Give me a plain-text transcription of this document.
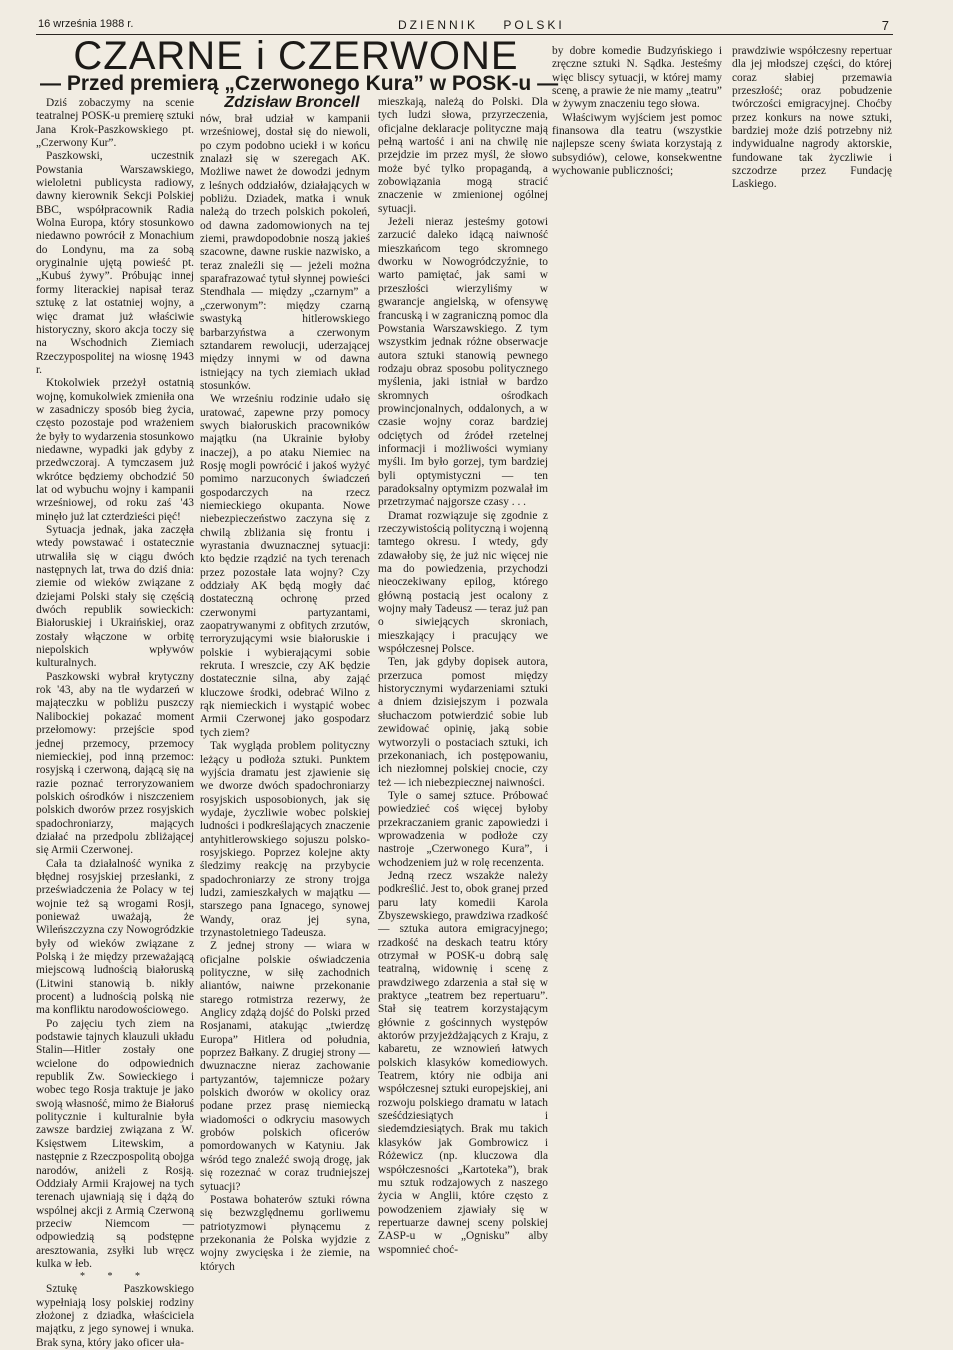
16 września 1988 r.	DZIENNIK    POLSKI	7
CZARNE i CZERWONE
— Przed premierą „Czerwonego Kura” w POSK-u —
Zdzisław Broncell

Dziś zobaczymy na scenie teatralnej POSK-u premierę sztuki Jana Krok-Paszkowskiego pt. „Czerwony Kur”.

Paszkowski, uczestnik Powstania Warszawskiego, wieloletni publicysta radiowy, dawny kierownik Sekcji Polskiej BBC, współpracownik Radia Wolna Europa, który stosunkowo niedawno powrócił z Monachium do Londynu, ma za sobą oryginalnie ujętą powieść pt. „Kubuś żywy”. Próbując innej formy literackiej napisał teraz sztukę z lat ostatniej wojny, a więc dramat już właściwie historyczny, skoro akcja toczy się na Wschodnich Ziemiach Rzeczypospolitej na wiosnę 1943 r.

Ktokolwiek przeżył ostatnią wojnę, komukolwiek zmieniła ona w zasadniczy sposób bieg życia, często pozostaje pod wrażeniem że były to wydarzenia stosunkowo niedawne, wypadki jak gdyby z przedwczoraj. A tymczasem już wkrótce będziemy obchodzić 50 lat od wybuchu wojny i kampanii wrześniowej, od roku zaś '43 minęło już lat czterdzieści pięć!

Sytuacja jednak, jaka zaczęła wtedy powstawać i ostatecznie utrwaliła się w ciągu dwóch następnych lat, trwa do dziś dnia: ziemie od wieków związane z dziejami Polski stały się częścią dwóch republik sowieckich: Białoruskiej i Ukraińskiej, oraz zostały włączone w orbitę niepolskich wpływów kulturalnych.

Paszkowski wybrał krytyczny rok '43, aby na tle wydarzeń w mająteczku w pobliżu puszczy Nalibockiej pokazać moment przełomowy: przejście spod jednej przemocy, przemocy niemieckiej, pod inną przemoc: rosyjską i czerwoną, dającą się na razie poznać terroryzowaniem polskich ośrodków i niszczeniem polskich dworów przez rosyjskich spadochroniarzy, mających działać na przedpolu zbliżającej się Armii Czerwonej.

Cała ta działalność wynika z błędnej rosyjskiej przesłanki, z przeświadczenia że Polacy w tej wojnie też są wrogami Rosji, ponieważ uważają, że Wileńszczyzna czy Nowogródzkie były od wieków związane z Polską i że między przeważającą miejscową ludnością białoruską (Litwini stanowią b. nikły procent) a ludnością polską nie ma konfliktu narodowościowego.

Po zajęciu tych ziem na podstawie tajnych klauzuli układu Stalin—Hitler zostały one wcielone do odpowiednich republik Zw. Sowieckiego i wobec tego Rosja traktuje je jako swoją własność, mimo że Białoruś politycznie i kulturalnie była zawsze bardziej związana z W. Księstwem Litewskim, a następnie z Rzeczpospolitą obojga narodów, aniżeli z Rosją. Oddziały Armii Krajowej na tych terenach ujawniają się i dążą do wspólnej akcji z Armią Czerwoną przeciw Niemcom — odpowiedzią są podstępne aresztowania, zsyłki lub wręcz kulka w łeb.

* * *

Sztukę Paszkowskiego wypełniają losy polskiej rodziny złożonej z dziadka, właściciela majątku, z jego synowej i wnuka. Brak syna, który jako oficer uła-

nów, brał udział w kampanii wrześniowej, dostał się do niewoli, po czym podobno uciekł i w końcu znalazł się w szeregach AK. Możliwe nawet że dowodzi jednym z leśnych oddziałów, działających w pobliżu. Dziadek, matka i wnuk należą do trzech polskich pokoleń, od dawna zadomowionych na tej ziemi, prawdopodobnie noszą jakieś szacowne, dawne ruskie nazwisko, a teraz znaleźli się — jeżeli można sparafrazować tytuł słynnej powieści Stendhala — między „czarnym” a „czerwonym”: między czarną swastyką hitlerowskiego barbarzyństwa a czerwonym sztandarem rewolucji, uderzającej między innymi w od dawna istniejący na tych ziemiach układ stosunków.

We wrześniu rodzinie udało się uratować, zapewne przy pomocy swych białoruskich pracowników majątku (na Ukrainie byłoby inaczej), a po ataku Niemiec na Rosję mogli powrócić i jakoś wyżyć pomimo narzuconych świadczeń gospodarczych na rzecz niemieckiego okupanta. Nowe niebezpieczeństwo zaczyna się z chwilą zbliżania się frontu i wyrastania dwuznacznej sytuacji: kto będzie rządzić na tych terenach przez pozostałe lata wojny? Czy oddziały AK będą mogły dać dostateczną ochronę przed czerwonymi partyzantami, zaopatrywanymi z obfitych zrzutów, terroryzującymi wsie białoruskie i polskie i wybierającymi sobie rekruta. I wreszcie, czy AK będzie dostatecznie silna, aby zająć kluczowe środki, odebrać Wilno z rąk niemieckich i wystąpić wobec Armii Czerwonej jako gospodarz tych ziem?

Tak wygląda problem polityczny leżący u podłoża sztuki. Punktem wyjścia dramatu jest zjawienie się we dworze dwóch spadochroniarzy rosyjskich usposobionych, jak się wydaje, życzliwie wobec polskiej ludności i podkreślających znaczenie antyhitlerowskiego sojuszu polsko-rosyjskiego. Poprzez kolejne akty śledzimy reakcję na przybycie spadochroniarzy ze strony trojga ludzi, zamieszkałych w majątku — starszego pana Ignacego, synowej Wandy, oraz jej syna, trzynastoletniego Tadeusza.

Z jednej strony — wiara w oficjalne polskie oświadczenia polityczne, w siłę zachodnich aliantów, naiwne przekonanie starego rotmistrza rezerwy, że Anglicy zdążą dojść do Polski przed Rosjanami, atakując „twierdzę Europa” Hitlera od południa, poprzez Bałkany. Z drugiej strony — dwuznaczne nieraz zachowanie partyzantów, tajemnicze pożary polskich dworów w okolicy oraz podane przez prasę niemiecką wiadomości o odkryciu masowych grobów polskich oficerów pomordowanych w Katyniu. Jak wśród tego znaleźć swoją drogę, jak się rozeznać w coraz trudniejszej sytuacji?

Postawa bohaterów sztuki równa się bezwzględnemu gorliwemu patriotyzmowi płynącemu z przekonania że Polska wyjdzie z wojny zwycięska i że ziemie, na których

mieszkają, należą do Polski. Dla tych ludzi słowa, przyrzeczenia, oficjalne deklaracje polityczne mają pełną wartość i ani na chwilę nie przejdzie im przez myśl, że słowo może być tylko propagandą, a zobowiązania mogą stracić znaczenie w zmienionej ogólnej sytuacji.

Jeżeli nieraz jesteśmy gotowi zarzucić daleko idącą naiwność mieszkańcom tego skromnego dworku w Nowogródczyźnie, to warto pamiętać, jak sami w przeszłości wierzyliśmy w gwarancje angielską, w ofensywę francuską i w zagraniczną pomoc dla Powstania Warszawskiego. Z tym wszystkim jednak różne obserwacje autora sztuki stanowią pewnego rodzaju obraz sposobu politycznego myślenia, jaki istniał w bardzo skromnych ośrodkach prowincjonalnych, oddalonych, a w czasie wojny coraz bardziej odciętych od źródeł rzetelnej informacji i możliwości wymiany myśli. Im było gorzej, tym bardziej byli optymistyczni — ten paradoksalny optymizm pozwalał im przetrzymać najgorsze czasy . . .

Dramat rozwiązuje się zgodnie z rzeczywistością polityczną i wojenną tamtego okresu. I wtedy, gdy zdawałoby się, że już nic więcej nie ma do powiedzenia, przychodzi nieoczekiwany epilog, którego główną postacią jest ocalony z wojny mały Tadeusz — teraz już pan o siwiejących skroniach, mieszkający i pracujący we współczesnej Polsce.

Ten, jak gdyby dopisek autora, przerzuca pomost między historycznymi wydarzeniami sztuki a dniem dzisiejszym i pozwala słuchaczom potwierdzić sobie lub zewidować opinię, jaką sobie wytworzyli o postaciach sztuki, ich przekonaniach, ich postępowaniu, ich niezłomnej polskiej cnocie, czy też — ich niebezpiecznej naiwności.

Tyle o samej sztuce. Próbować powiedzieć coś więcej byłoby przekraczaniem granic zapowiedzi i wprowadzenia w podłoże czy nastroje „Czerwonego Kura”, i wchodzeniem już w rolę recenzenta.

Jedną rzecz wszakże należy podkreślić. Jest to, obok granej przed paru laty komedii Karola Zbyszewskiego, prawdziwa rzadkość — sztuka autora emigracyjnego; rzadkość na deskach teatru który otrzymał w POSK-u dobrą salę teatralną, widownię i scenę z prawdziwego zdarzenia a stał się w praktyce „teatrem bez repertuaru”. Stał się teatrem korzystającym głównie z gościnnych występów aktorów przyjeżdżających z Kraju, z kabaretu, ze wznowień łatwych polskich klasyków komediowych. Teatrem, który nie odbija ani współczesnej sztuki europejskiej, ani rozwoju polskiego dramatu w latach sześćdziesiątych i siedemdziesiątych. Brak mu takich klasyków jak Gombrowicz i Różewicz (np. kluczowa dla współczesności „Kartoteka”), brak mu sztuk rodzajowych z naszego życia w Anglii, które często z powodzeniem zjawiały się w repertuarze dawnej sceny polskiej ZASP-u w „Ognisku” alby wspomnieć choć-

by dobre komedie Budzyńskiego i zręczne sztuki N. Sądka. Jesteśmy więc bliscy sytuacji, w której mamy scenę, a prawie że nie mamy „teatru” w żywym znaczeniu tego słowa.

Właściwym wyjściem jest pomoc finansowa dla teatru (wszystkie najlepsze sceny świata korzystają z subsydiów), celowe, konsekwentne wychowanie publiczności;

prawdziwie współczesny repertuar dla jej młodszej części, do której coraz słabiej przemawia przeszłość; oraz pobudzenie twórczości emigracyjnej. Choćby przez konkurs na nowe sztuki, bardziej może dziś potrzebny niż indywidualne nagrody aktorskie, fundowane tak życzliwie i szczodrze przez Fundację Laskiego.
